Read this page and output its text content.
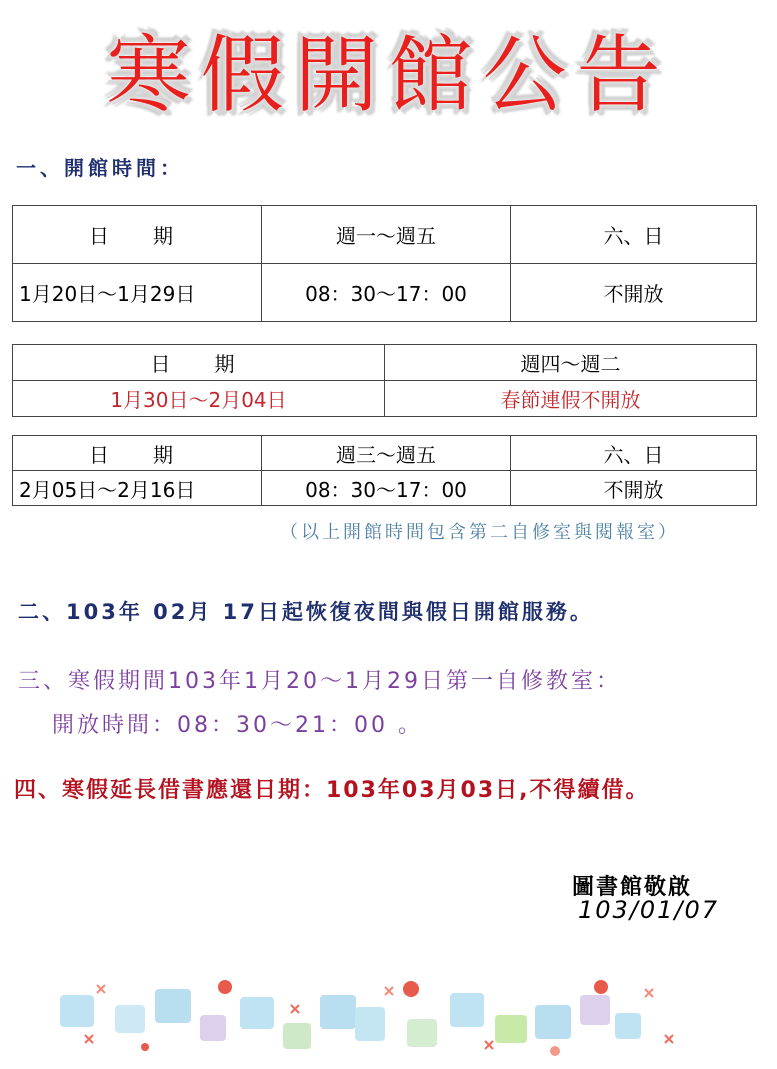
寒假開館公告
一、開館時間：
日　期	週一～週五	六、日
1月20日～1月29日	08：30～17：00	不開放
日　期	週四～週二
1月30日～2月04日	春節連假不開放
日　期	週三～週五	六、日
2月05日～2月16日	08：30～17：00	不開放
（以上開館時間包含第二自修室與閱報室）
二、103年 02月 17日起恢復夜間與假日開館服務。
三、寒假期間103年1月20～1月29日第一自修教室：
開放時間：08：30～21：00 。
四、寒假延長借書應還日期：103年03月03日,不得續借。
圖書館敬啟
103/01/07
